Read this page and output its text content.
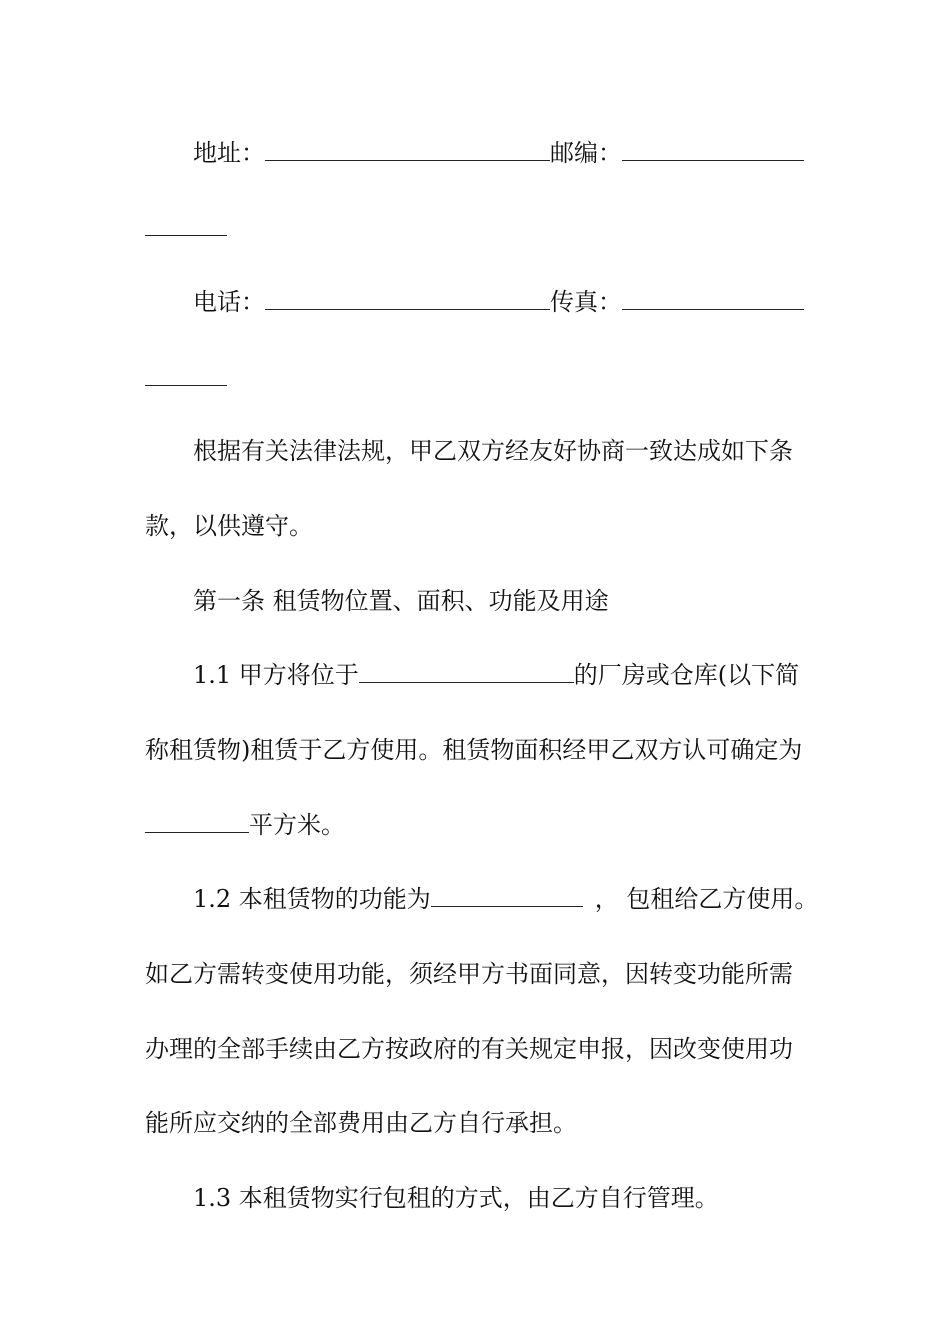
地址：	邮编：
电话：	传真：
根据有关法律法规，甲乙双方经友好协商一致达成如下条
款，以供遵守。
第一条 租赁物位置、面积、功能及用途
1.1 甲方将位于	的厂房或仓库(以下简
称租赁物)租赁于乙方使用。租赁物面积经甲乙双方认可确定为
平方米。
1.2 本租赁物的功能为	， 包租给乙方使用。
如乙方需转变使用功能，须经甲方书面同意，因转变功能所需
办理的全部手续由乙方按政府的有关规定申报，因改变使用功
能所应交纳的全部费用由乙方自行承担。
1.3 本租赁物实行包租的方式，由乙方自行管理。
